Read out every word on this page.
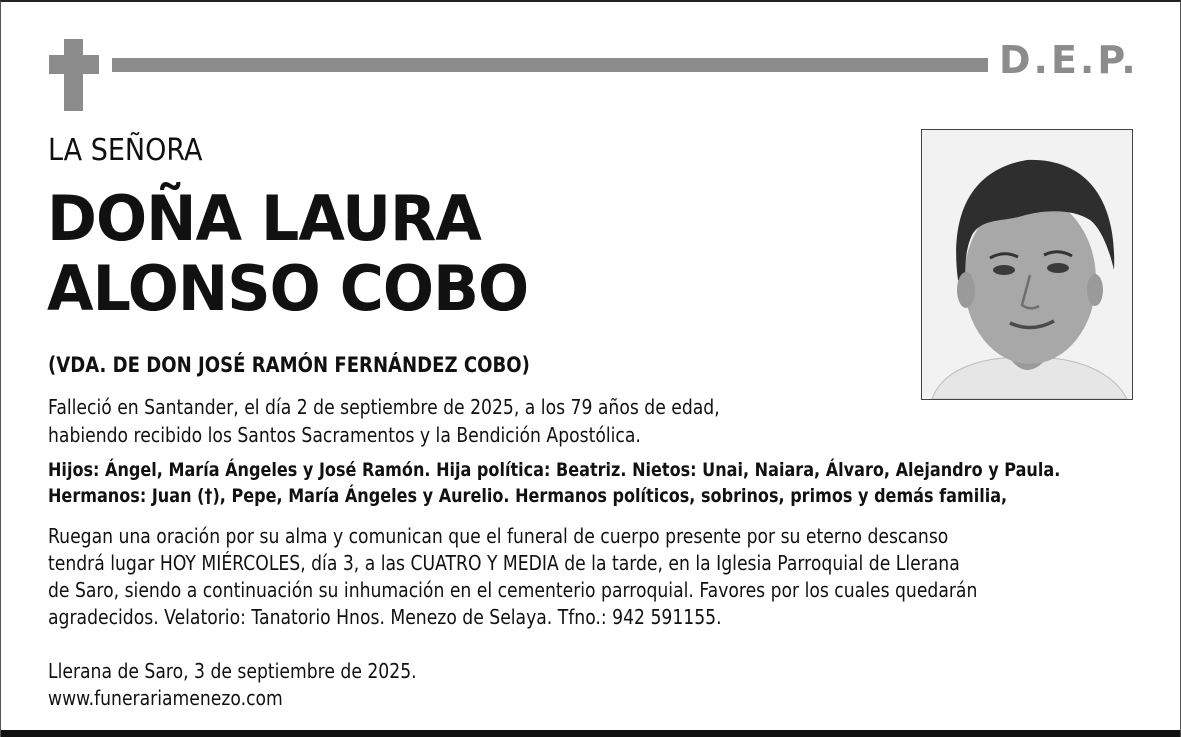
D.E.P.
LA SEÑORA
DOÑA LAURA
ALONSO COBO
(VDA. DE DON JOSÉ RAMÓN FERNÁNDEZ COBO)
Falleció en Santander, el día 2 de septiembre de 2025, a los 79 años de edad,
habiendo recibido los Santos Sacramentos y la Bendición Apostólica.
Hijos: Ángel, María Ángeles y José Ramón. Hija política: Beatriz. Nietos: Unai, Naiara, Álvaro, Alejandro y Paula.
Hermanos: Juan (†), Pepe, María Ángeles y Aurelio. Hermanos políticos, sobrinos, primos y demás familia,
Ruegan una oración por su alma y comunican que el funeral de cuerpo presente por su eterno descanso
tendrá lugar HOY MIÉRCOLES, día 3, a las CUATRO Y MEDIA de la tarde, en la Iglesia Parroquial de Llerana
de Saro, siendo a continuación su inhumación en el cementerio parroquial. Favores por los cuales quedarán
agradecidos. Velatorio: Tanatorio Hnos. Menezo de Selaya. Tfno.: 942 591155.
Llerana de Saro, 3 de septiembre de 2025.
www.funerariamenezo.com
